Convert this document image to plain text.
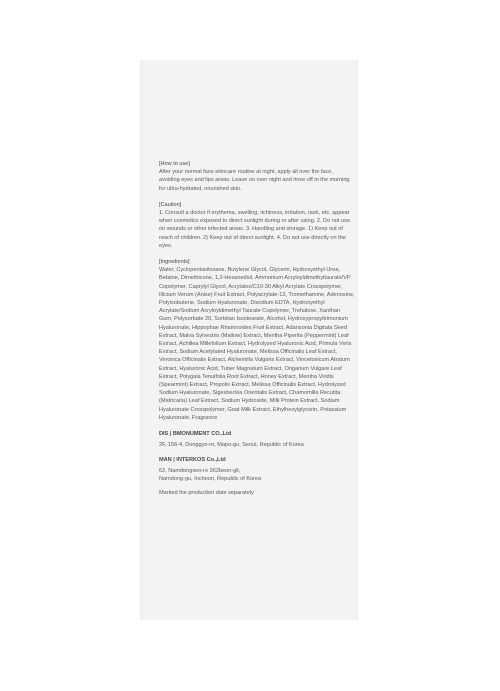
[How to use]

After your normal face-skincare routine at night, apply all over the face, avoiding eyes and lips areas. Leave on over night and rinse off in the morning for ultra-hydrated, nourished skin.

[Caution]

1. Consult a doctor if erythema, swelling, itchiness, irritation, rash, etc. appear when cosmetics exposed to direct sunlight during or after using. 2. Do not use on wounds or other infected areas. 3. Handling and storage. 1) Keep out of reach of children. 2) Keep out of direct sunlight. 4. Do not use directly on the eyes.

[Ingredients]

Water, Cyclopentasiloxane, Butylene Glycol, Glycerin, Hydroxyethyl Urea, Betaine, Dimethicone, 1,2-Hexanediol, Ammonium Acryloyldimethyltaurate/VP Copolymer, Caprylyl Glycol, Acrylates/C10-30 Alkyl Acrylate Crosspolymer, Illicium Verum (Anise) Fruit Extract, Polyacrylate-13, Tromethamine, Adenosine, Polyisobutene, Sodium Hyaluronate, Disodium EDTA, Hydroxyethyl Acrylate/Sodium Acryloyldimethyl Taurate Copolymer, Trehalose, Xanthan Gum, Polysorbate 20, Sorbitan Isostearate, Alcohol, Hydroxypropyltrimonium Hyaluronate, Hippophae Rhamnoides Fruit Extract, Adansonia Digitata Seed Extract, Malva Sylvestris (Mallow) Extract, Mentha Piperita (Peppermint) Leaf Extract, Achillea Millefolium Extract, Hydrolyzed Hyaluronic Acid, Primula Veris Extract, Sodium Acetylated Hyaluronate, Melissa Officinalis Leaf Extract, Veronica Officinalis Extract, Alchemilla Vulgaris Extract, Vincetoxicum Atratum Extract, Hyaluronic Acid, Tuber Magnatum Extract, Origanum Vulgare Leaf Extract, Polygala Tenuifolia Root Extract, Honey Extract, Mentha Viridis (Spearmint) Extract, Propolis Extract, Melissa Officinalis Extract, Hydrolyzed Sodium Hyaluronate, Sigesbeckia Orientalis Extract, Chamomilla Recutita (Matricaria) Leaf Extract, Sodium Hydroxide, Milk Protein Extract, Sodium Hyaluronate Crosspolymer, Goat Milk Extract, Ethylhexylglycerin, Potassium Hyaluronate, Fragrance

DIS | BMONUMENT CO.,Ltd

2F, 156-4, Donggyo-ro, Mapo-gu, Seoul, Republic of Korea

MAN | INTERKOS Co.,Ltd

62, Namdongseo-ro 362beon-gil,

Namdong-gu, Incheon, Republic of Korea

Marked the production date separately
